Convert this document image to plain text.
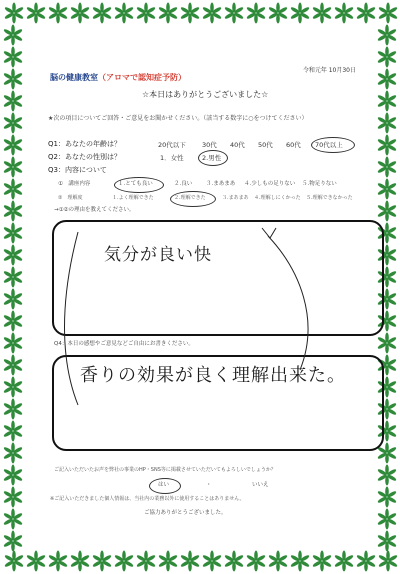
令和元年 10月30日
脳の健康教室（アロマで認知症予防）
☆本日はありがとうございました☆
★次の項目についてご回答・ご意見をお聞かせください。（該当する数字に○をつけてください）
Q1：あなたの年齢は？	20代以下 30代 40代 50代 60代 70代以上
Q2：あなたの性別は？	1．女性	2.男性
Q3：内容について
①　講座内容	１.とても良い	２.良い	３.まあまあ ４.少しもの足りない ５.物足りない
②　理解度	１.よく理解できた	２.理解できた	３.まあまあ ４.理解しにくかった ５.理解できなかった
→①②の理由を教えてください。
気分が良い快
Q4：本日の感想やご意見などご自由にお書きください。
香りの効果が良く理解出来た。
ご記入いただいたお声を弊社の事業のHP・SNS等に掲載させていただいてもよろしいでしょうか？
はい	・	いいえ
※ご記入いただきました個人情報は、当社内の業務以外に使用することはありません。
ご協力ありがとうございました。
